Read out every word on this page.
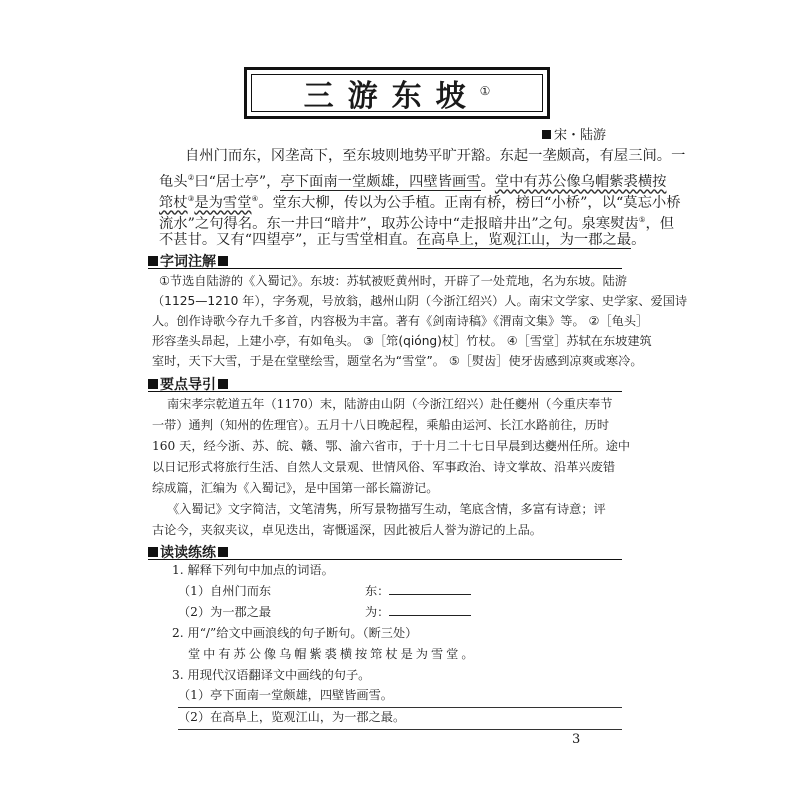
三游东坡①
宋・陆游
自州门而东，冈垄高下，至东坡则地势平旷开豁。东起一垄颇高，有屋三间。一
龟头②曰“居士亭”，亭下面南一堂颇雄，四壁皆画雪。堂中有苏公像乌帽紫裘横按
筇杖③是为雪堂④。堂东大柳，传以为公手植。正南有桥，榜曰“小桥”，以“莫忘小桥
流水”之句得名。东一井曰“暗井”，取苏公诗中“走报暗井出”之句。泉寒熨齿⑤，但
不甚甘。又有“四望亭”，正与雪堂相直。在高阜上，览观江山，为一郡之最。
字词注解
①节选自陆游的《入蜀记》。东坡：苏轼被贬黄州时，开辟了一处荒地，名为东坡。陆游
（1125—1210 年），字务观，号放翁，越州山阴（今浙江绍兴）人。南宋文学家、史学家、爱国诗
人。创作诗歌今存九千多首，内容极为丰富。著有《剑南诗稿》《渭南文集》等。 ②［龟头］
形容垄头昂起，上建小亭，有如龟头。 ③［筇(qióng)杖］竹杖。 ④［雪堂］苏轼在东坡建筑
室时，天下大雪，于是在堂壁绘雪，题堂名为“雪堂”。 ⑤［熨齿］使牙齿感到凉爽或寒冷。
要点导引
南宋孝宗乾道五年（1170）末，陆游由山阴（今浙江绍兴）赴任夔州（今重庆奉节
一带）通判（知州的佐理官）。五月十八日晚起程，乘船由运河、长江水路前往，历时
160 天，经今浙、苏、皖、赣、鄂、渝六省市，于十月二十七日早晨到达夔州任所。途中
以日记形式将旅行生活、自然人文景观、世情风俗、军事政治、诗文掌故、沿革兴废错
综成篇，汇编为《入蜀记》，是中国第一部长篇游记。
《入蜀记》文字简洁，文笔清隽，所写景物描写生动，笔底含情，多富有诗意；评
古论今，夹叙夹议，卓见迭出，寄慨遥深，因此被后人誉为游记的上品。
读读练练
1. 解释下列句中加点的词语。
（1）自州门而东	东：
（2）为一郡之最	为：
2. 用“/”给文中画浪线的句子断句。（断三处）
堂中有苏公像乌帽紫裘横按筇杖是为雪堂。
3. 用现代汉语翻译文中画线的句子。
（1）亭下面南一堂颇雄，四壁皆画雪。
（2）在高阜上，览观江山，为一郡之最。
3
